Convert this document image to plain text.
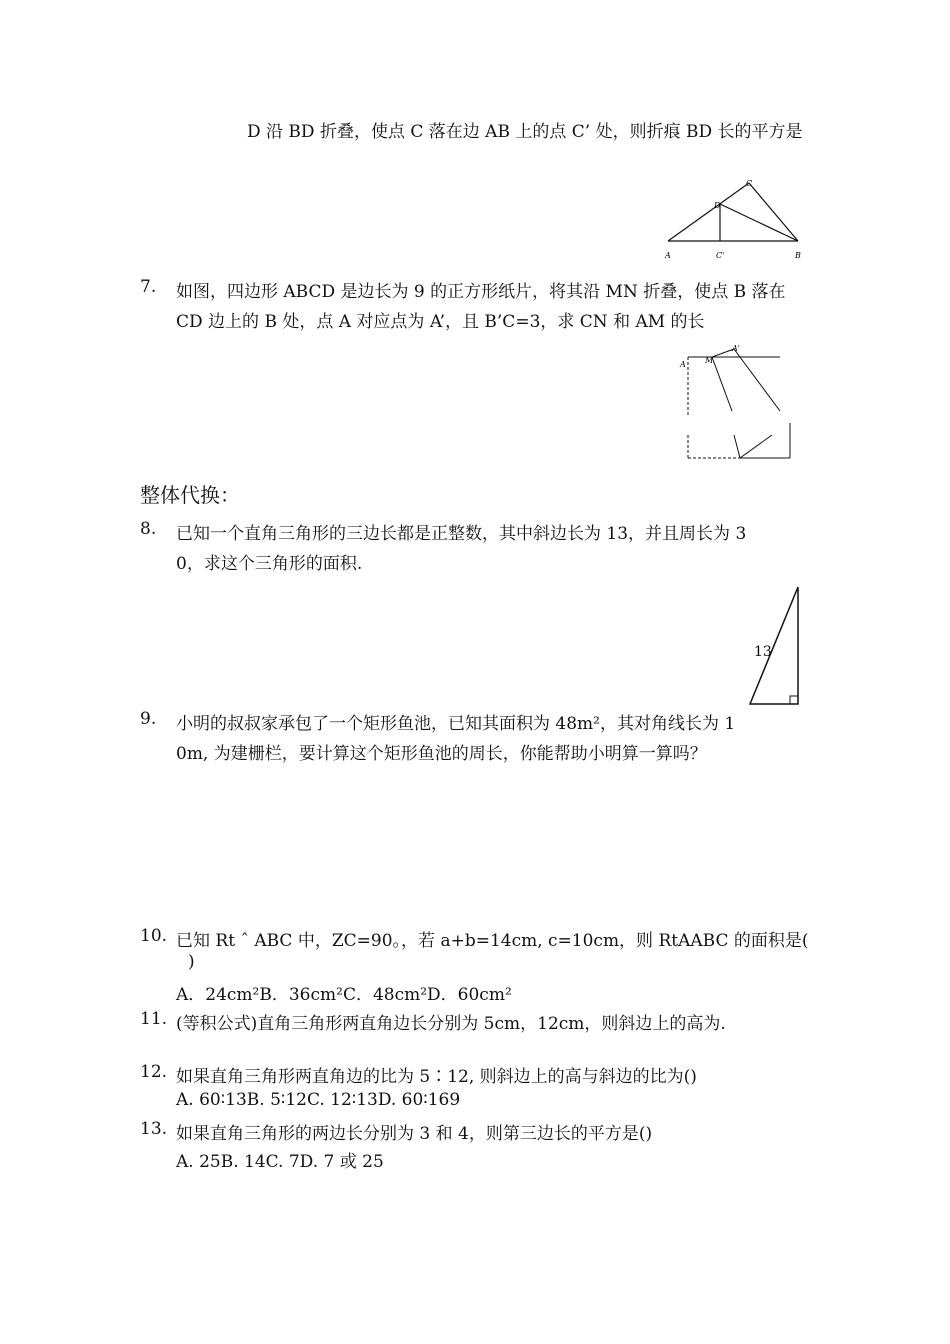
D 沿 BD 折叠，使点 C 落在边 AB 上的点 C’ 处，则折痕 BD 长的平方是
A	B
C
D
C'
7.	如图，四边形 ABCD 是边长为 9 的正方形纸片，将其沿 MN 折叠，使点 B 落在
CD 边上的 B 处，点 A 对应点为 A’，且 B’C=3，求 CN 和 AM 的长
A M
A'
整体代换：
8.	已知一个直角三角形的三边长都是正整数，其中斜边长为 13，并且周长为 3
0，求这个三角形的面积.
13
9.	小明的叔叔家承包了一个矩形鱼池，已知其面积为 48m²，其对角线长为 1
0m, 为建栅栏，要计算这个矩形鱼池的周长，你能帮助小明算一算吗？
10. 已知 Rt ˆ ABC 中，ZC=90。，若 a+b=14cm, c=10cm，则 RtAABC 的面积是(
)
A．24cm²B．36cm²C．48cm²D．60cm²
11. (等积公式)直角三角形两直角边长分别为 5cm，12cm，则斜边上的高为.
12. 如果直角三角形两直角边的比为 5∶12, 则斜边上的高与斜边的比为()
A. 60∶13B. 5∶12C. 12∶13D. 60∶169
13. 如果直角三角形的两边长分别为 3 和 4，则第三边长的平方是()
A. 25B. 14C. 7D. 7 或 25
